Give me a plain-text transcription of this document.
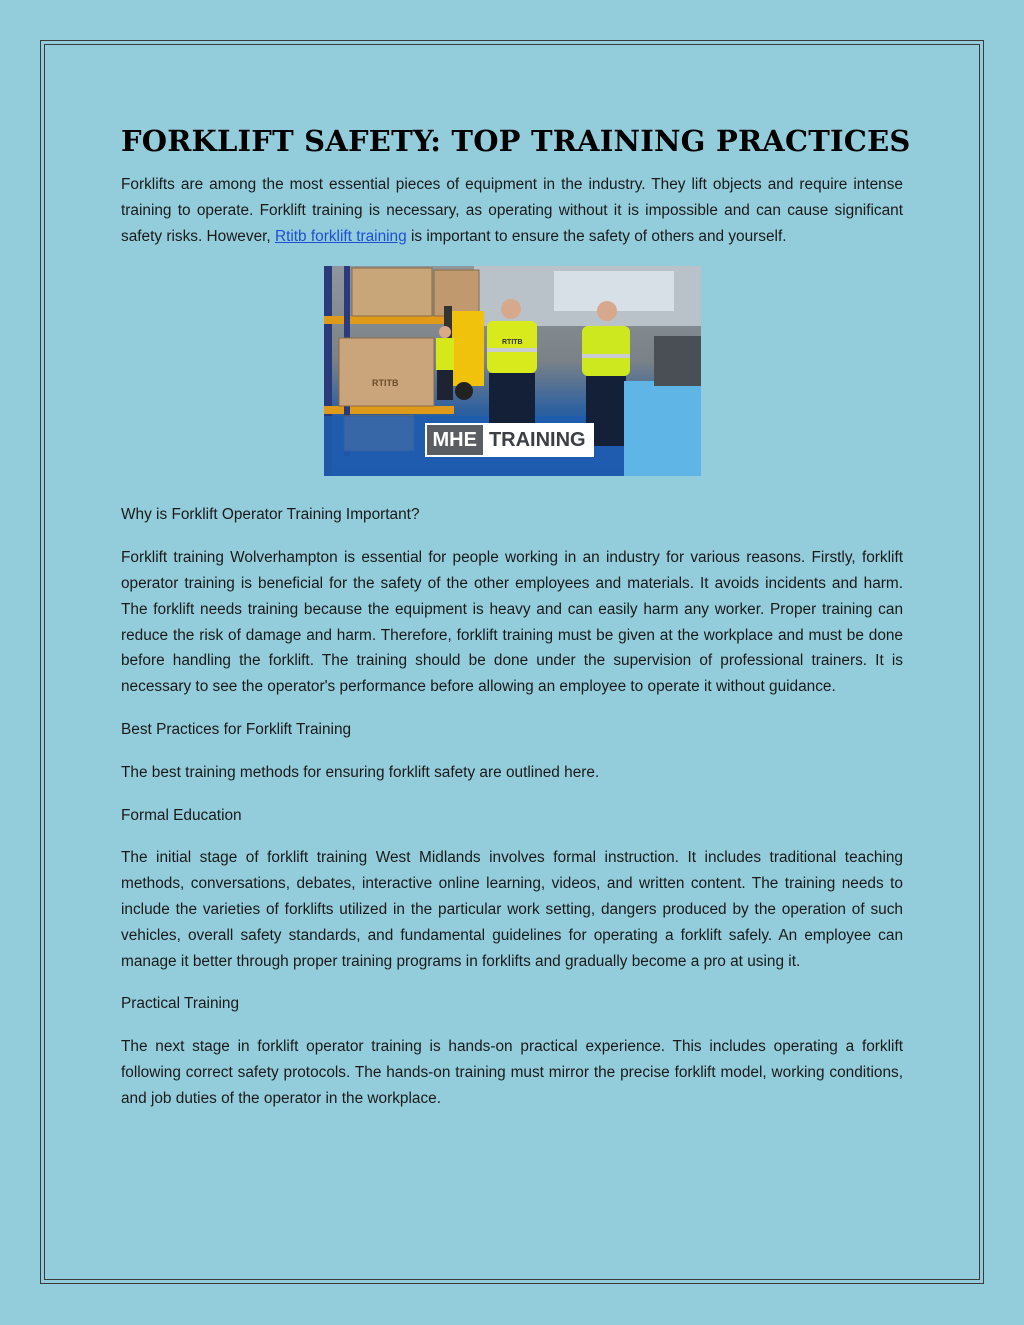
FORKLIFT SAFETY: TOP TRAINING PRACTICES

Forklifts are among the most essential pieces of equipment in the industry. They lift objects and require intense training to operate. Forklift training is necessary, as operating without it is impossible and can cause significant safety risks. However, Rtitb forklift training is important to ensure the safety of others and yourself.

RTITB
RTITB
MHE TRAINING

Why is Forklift Operator Training Important?

Forklift training Wolverhampton is essential for people working in an industry for various reasons. Firstly, forklift operator training is beneficial for the safety of the other employees and materials. It avoids incidents and harm. The forklift needs training because the equipment is heavy and can easily harm any worker. Proper training can reduce the risk of damage and harm. Therefore, forklift training must be given at the workplace and must be done before handling the forklift. The training should be done under the supervision of professional trainers. It is necessary to see the operator's performance before allowing an employee to operate it without guidance.

Best Practices for Forklift Training

The best training methods for ensuring forklift safety are outlined here.

Formal Education

The initial stage of forklift training West Midlands involves formal instruction. It includes traditional teaching methods, conversations, debates, interactive online learning, videos, and written content. The training needs to include the varieties of forklifts utilized in the particular work setting, dangers produced by the operation of such vehicles, overall safety standards, and fundamental guidelines for operating a forklift safely. An employee can manage it better through proper training programs in forklifts and gradually become a pro at using it.

Practical Training

The next stage in forklift operator training is hands-on practical experience. This includes operating a forklift following correct safety protocols. The hands-on training must mirror the precise forklift model, working conditions, and job duties of the operator in the workplace.
